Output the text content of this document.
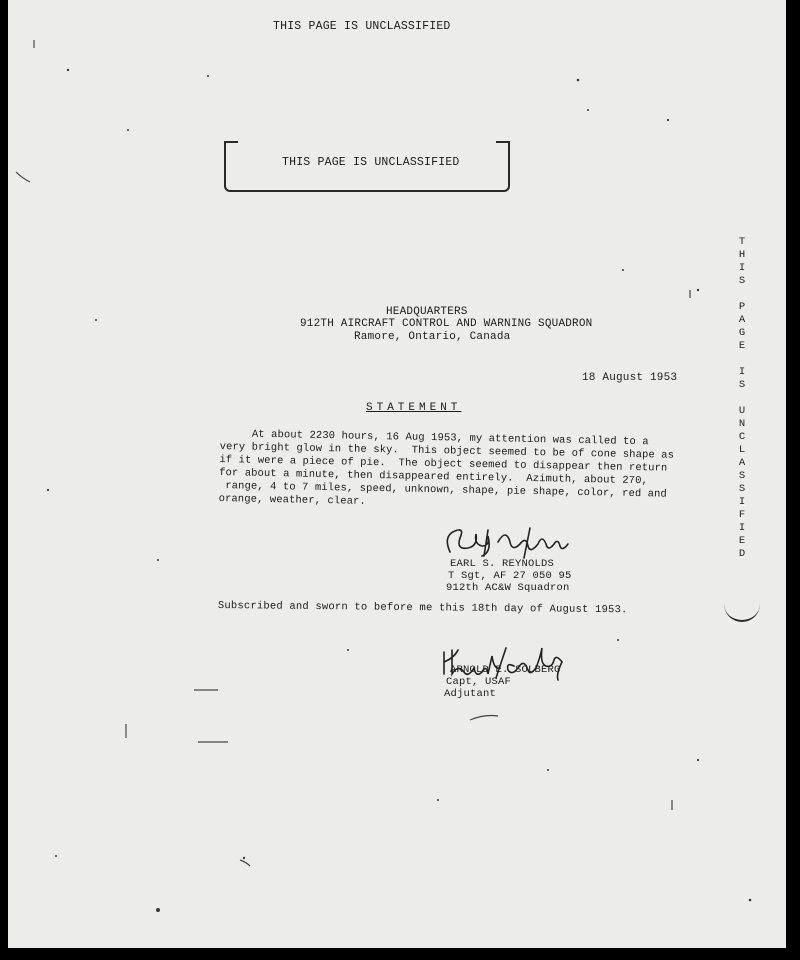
THIS PAGE IS UNCLASSIFIED
THIS PAGE IS UNCLASSIFIED
T
H
I
S
P
A
G
E
I
S
U
N
C
L
A
S
S
I
F
I
E
D
HEADQUARTERS
912TH AIRCRAFT CONTROL AND WARNING SQUADRON
Ramore, Ontario, Canada
18 August 1953
STATEMENT
At about 2230 hours, 16 Aug 1953, my attention was called to a
very bright glow in the sky.  This object seemed to be of cone shape as
if it were a piece of pie.  The object seemed to disappear then return
for about a minute, then disappeared entirely.  Azimuth, about 270,
range, 4 to 7 miles, speed, unknown, shape, pie shape, color, red and
orange, weather, clear.
EARL S. REYNOLDS
T Sgt, AF 27 050 95
912th AC&W Squadron
Subscribed and sworn to before me this 18th day of August 1953.
ARNOLD E. SOLBERG
Capt, USAF
Adjutant
